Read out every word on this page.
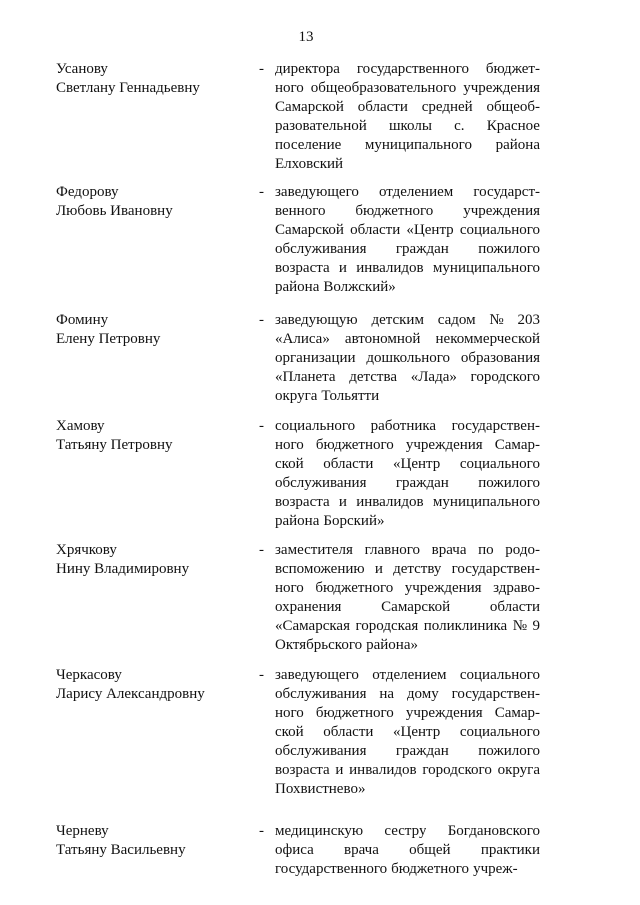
13
Усанову
Светлану Геннадьевну
- директора государственного бюджет-
ного общеобразовательного учреждения
Самарской области средней общеоб-
разовательной школы с. Красное
поселение муниципального района
Елховский
Федорову
Любовь Ивановну
- заведующего отделением государст-
венного бюджетного учреждения
Самарской области «Центр социального
обслуживания граждан пожилого
возраста и инвалидов муниципального
района Волжский»
Фомину
Елену Петровну
- заведующую детским садом № 203
«Алиса» автономной некоммерческой
организации дошкольного образования
«Планета детства «Лада» городского
округа Тольятти
Хамову
Татьяну Петровну
- социального работника государствен-
ного бюджетного учреждения Самар-
ской области «Центр социального
обслуживания граждан пожилого
возраста и инвалидов муниципального
района Борский»
Хрячкову
Нину Владимировну
- заместителя главного врача по родо-
вспоможению и детству государствен-
ного бюджетного учреждения здраво-
охранения	Самарской	области
«Самарская городская поликлиника № 9
Октябрьского района»
Черкасову
Ларису Александровну
- заведующего отделением социального
обслуживания на дому государствен-
ного бюджетного учреждения Самар-
ской области «Центр социального
обслуживания граждан пожилого
возраста и инвалидов городского округа
Похвистнево»
Черневу
Татьяну Васильевну
- медицинскую сестру Богдановского
офиса врача общей практики
государственного бюджетного учреж-
